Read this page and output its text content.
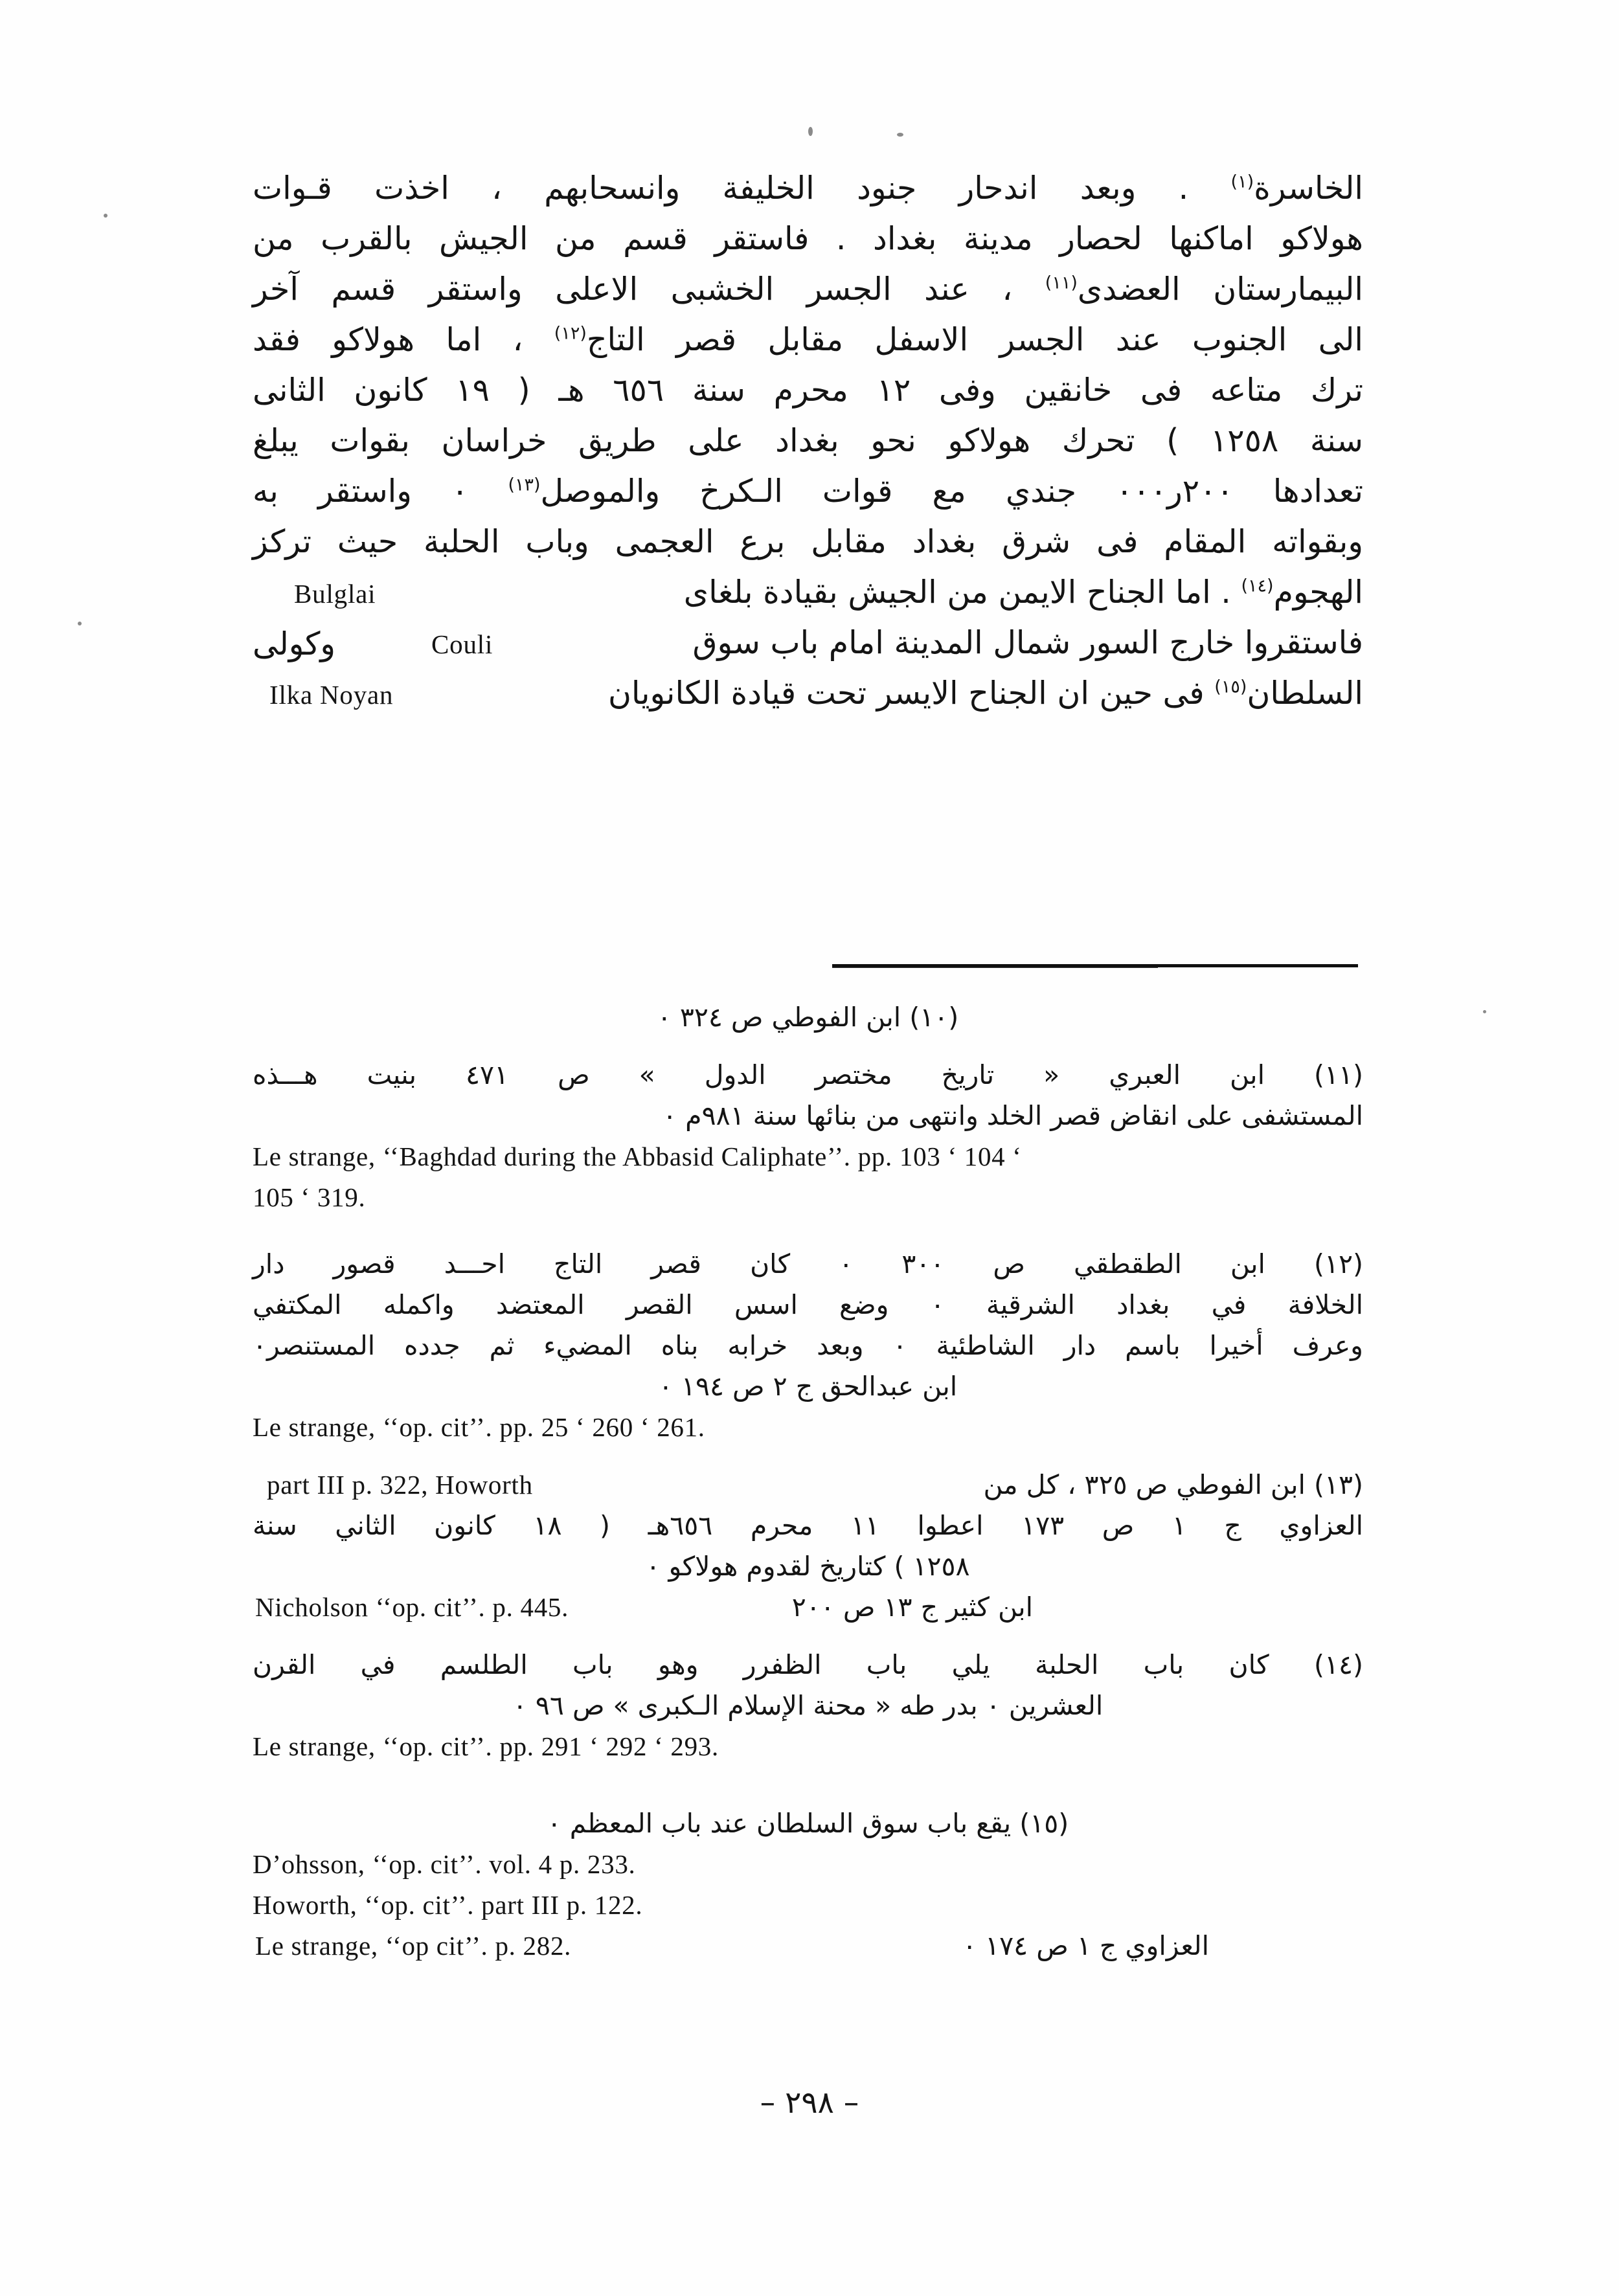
الخاسرة$^{(١)}$ . وبعد اندحار جنود الخليفة وانسحابهم ، اخذت قـوات
هولاكو اماكنها لحصار مدينة بغداد . فاستقر قسم من الجيش بالقرب من
البيمارستان العضدى$^{(١١)}$ ، عند الجسر الخشبى الاعلى واستقر قسم آخر
الى الجنوب عند الجسر الاسفل مقابل قصر التاج$^{(١٢)}$ ، اما هولاكو فقد
ترك متاعه فى خانقين وفى ١٢ محرم سنة ٦٥٦ هـ ( ١٩ كانون الثانى
سنة ١٢٥٨ ) تحرك هولاكو نحو بغداد على طريق خراسان بقوات يبلغ
تعدادها ٢٠٠ر٠٠٠ جندي مع قوات الـكرخ والموصل$^{(١٣)}$ ٠ واستقر به
وبقواته المقام فى شرق بغداد مقابل برع العجمى وباب الحلبة حيث تركز
الهجوم$^{(١٤)}$ . اما الجناح الايمن من الجيش بقيادة بلغاى
Bulglai
فاستقروا خارج السور شمال المدينة امام باب سوق
وكولى	Couli
السلطان$^{(١٥)}$ فى حين ان الجناح الايسر تحت قيادة الكانويان
Ilka Noyan
(١٠) ابن الفوطي ص ٣٢٤ ٠
(١١) ابن العبري « تاريخ مختصر الدول » ص ٤٧١ بنيت هـــذه
المستشفى على انقاض قصر الخلد وانتهى من بنائها سنة ٩٨١م ٠
Le strange, ‘‘Baghdad during the Abbasid Caliphate’’. pp. 103 ‘ 104 ‘
105 ‘ 319.
(١٢) ابن الطقطقي ص ٣٠٠ ٠ كان قصر التاج احـــد قصور دار
الخلافة في بغداد الشرقية ٠ وضع اسس القصر المعتضد واكمله المكتفي
وعرف أخيرا باسم دار الشاطئية ٠ وبعد خرابه بناه المضيء ثم جدده المستنصر٠
ابن عبدالحق ج ٢ ص ١٩٤ ٠
Le strange, ‘‘op. cit’’. pp. 25 ‘ 260 ‘ 261.
(١٣) ابن الفوطي ص ٣٢٥ ، كل من
part III p. 322, Howorth
العزاوي ج ١ ص ١٧٣ اعطوا ١١ محرم ٦٥٦هـ ( ١٨ كانون الثاني سنة
١٢٥٨ ) كتاريخ لقدوم هولاكو ٠
ابن كثير ج ١٣ ص ٢٠٠
Nicholson ‘‘op. cit’’. p. 445.
(١٤) كان باب الحلبة يلي باب الظفرر وهو باب الطلسم في القرن
العشرين ٠ بدر طه « محنة الإسلام الـكبرى » ص ٩٦ ٠
Le strange, ‘‘op. cit’’. pp. 291 ‘ 292 ‘ 293.
(١٥) يقع باب سوق السلطان عند باب المعظم ٠
D’ohsson, ‘‘op. cit’’. vol. 4 p. 233.
Howorth, ‘‘op. cit’’. part III p. 122.
العزاوي ج ١ ص ١٧٤ ٠
Le strange, ‘‘op cit’’. p. 282.
– ٢٩٨ –
